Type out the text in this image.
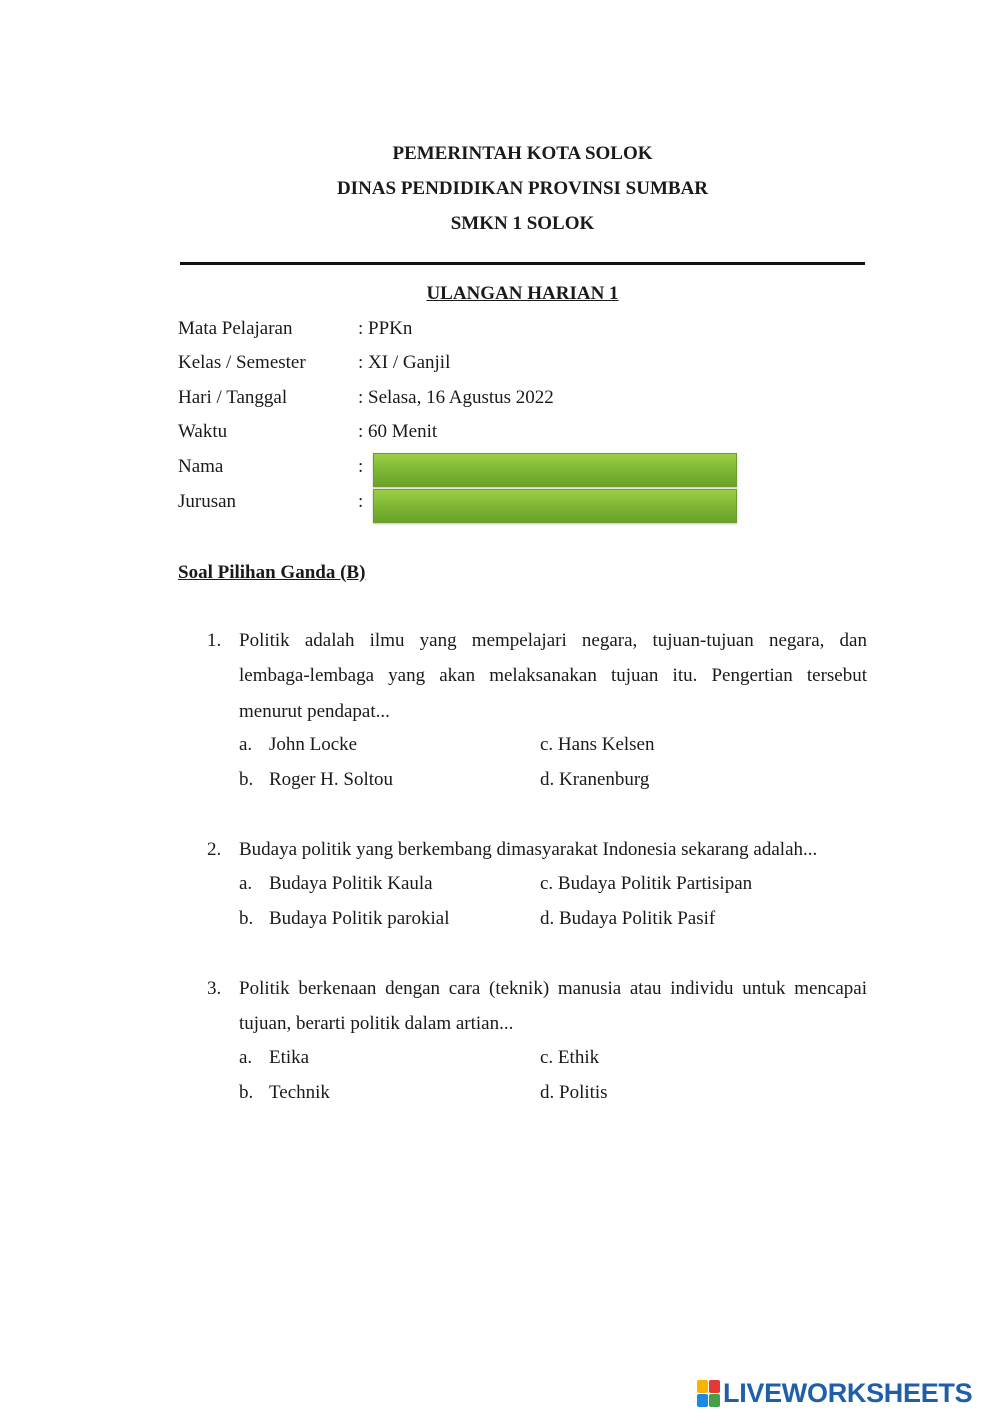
PEMERINTAH KOTA SOLOK
DINAS PENDIDIKAN PROVINSI SUMBAR
SMKN 1 SOLOK
ULANGAN HARIAN 1
Mata Pelajaran	: PPKn
Kelas / Semester	: XI / Ganjil
Hari / Tanggal	: Selasa, 16 Agustus 2022
Waktu	: 60 Menit
Nama	:
Jurusan	:
Soal Pilihan Ganda (B)
1. Politik adalah ilmu yang mempelajari negara, tujuan-tujuan negara, dan
lembaga-lembaga yang akan melaksanakan tujuan itu. Pengertian tersebut
menurut pendapat...
a. John Locke	c. Hans Kelsen
b. Roger H. Soltou	d. Kranenburg
2. Budaya politik yang berkembang dimasyarakat Indonesia sekarang adalah...
a. Budaya Politik Kaula	c. Budaya Politik Partisipan
b. Budaya Politik parokial	d. Budaya Politik Pasif
3. Politik berkenaan dengan cara (teknik) manusia atau individu untuk mencapai
tujuan, berarti politik dalam artian...
a. Etika	c. Ethik
b. Technik	d. Politis
LIVEWORKSHEETS
